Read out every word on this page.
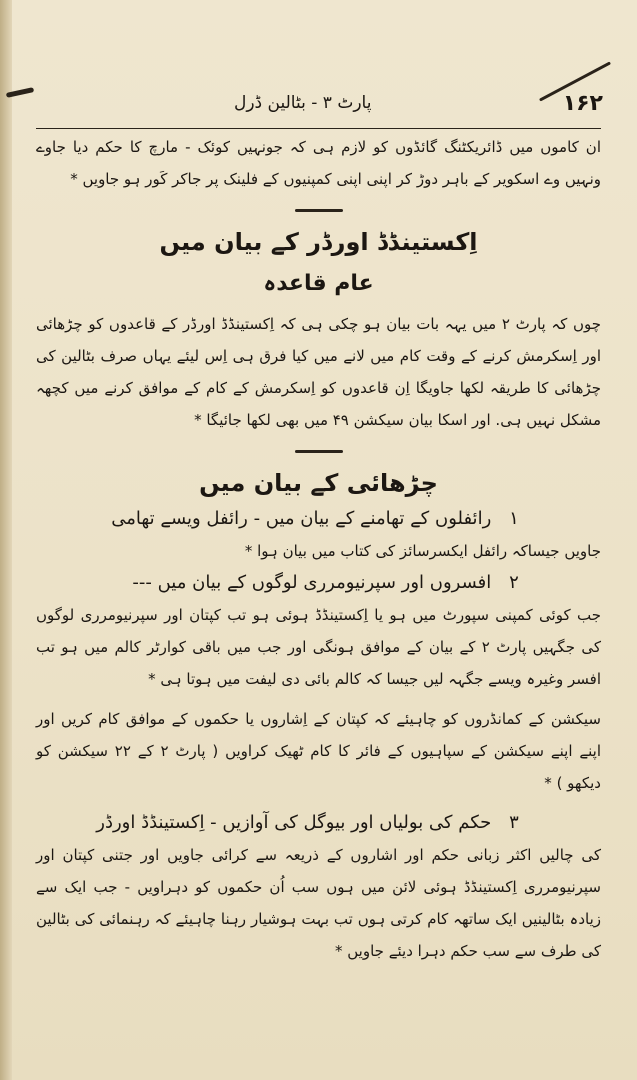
۱۶۲
پارٹ ۳ - بٹالین ڈرل

ان کاموں میں ڈائریکٹنگ گائڈوں کو لازم ہی کہ جونہیں کوئک - مارچ کا حکم دیا جاوے ونہیں وے اسکویر کے باہر دوڑ کر اپنی اپنی کمپنیوں کے فلینک پر جاکر کَور ہو جاویں *

اِکستینڈڈ اورڈر کے بیان میں
عام قاعدہ

چوں کہ پارٹ ۲ میں یہہ بات بیان ہو چکی ہی کہ اِکستینڈڈ اورڈر کے قاعدوں کو چڑھائی اور اِسکرمش کرنے کے وقت کام میں لانے میں کیا فرق ہی اِس لیئے یہاں صرف بٹالین کی چڑھائی کا طریقہ لکھا جاویگا اِن قاعدوں کو اِسکرمش کے کام کے موافق کرنے میں کچھہ مشکل نہیں ہی. اور اسکا بیان سیکشن ۴۹ میں بھی لکھا جائیگا *

چڑھائی کے بیان میں

۱ رائفلوں کے تھامنے کے بیان میں - رائفل ویسے تھامی

جاویں جیساکہ رائفل ایکسرسائز کی کتاب میں بیان ہوا *

۲ افسروں اور سپرنیومرری لوگوں کے بیان میں ---

جب کوئی کمپنی سپورٹ میں ہو یا اِکستینڈڈ ہوئی ہو تب کپتان اور سپرنیومرری لوگوں کی جگہیں پارٹ ۲ کے بیان کے موافق ہونگی اور جب میں باقی کوارٹر کالم میں ہو تب افسر وغیرہ ویسے جگہہ لیں جیسا کہ کالم بائی دی لیفت میں ہوتا ہی *

سیکشن کے کمانڈروں کو چاہیئے کہ کپتان کے اِشاروں یا حکموں کے موافق کام کریں اور اپنے اپنے سیکشن کے سپاہیوں کے فائر کا کام ٹھیک کراویں ( پارٹ ۲ کے ۲۲ سیکشن کو دیکھو ) *

۳ حکم کی بولیاں اور بیوگل کی آوازیں - اِکستینڈڈ اورڈر

کی چالیں اکثر زبانی حکم اور اشاروں کے ذریعہ سے کرائی جاویں اور جتنی کپتان اور سپرنیومرری اِکستینڈڈ ہوئی لائن میں ہوں سب اُن حکموں کو دہراویں - جب ایک سے زیادہ بٹالینیں ایک ساتھہ کام کرتی ہوں تب بہت ہوشیار رہنا چاہیئے کہ رہنمائی کی بٹالین کی طرف سے سب حکم دہرا دیئے جاویں *
